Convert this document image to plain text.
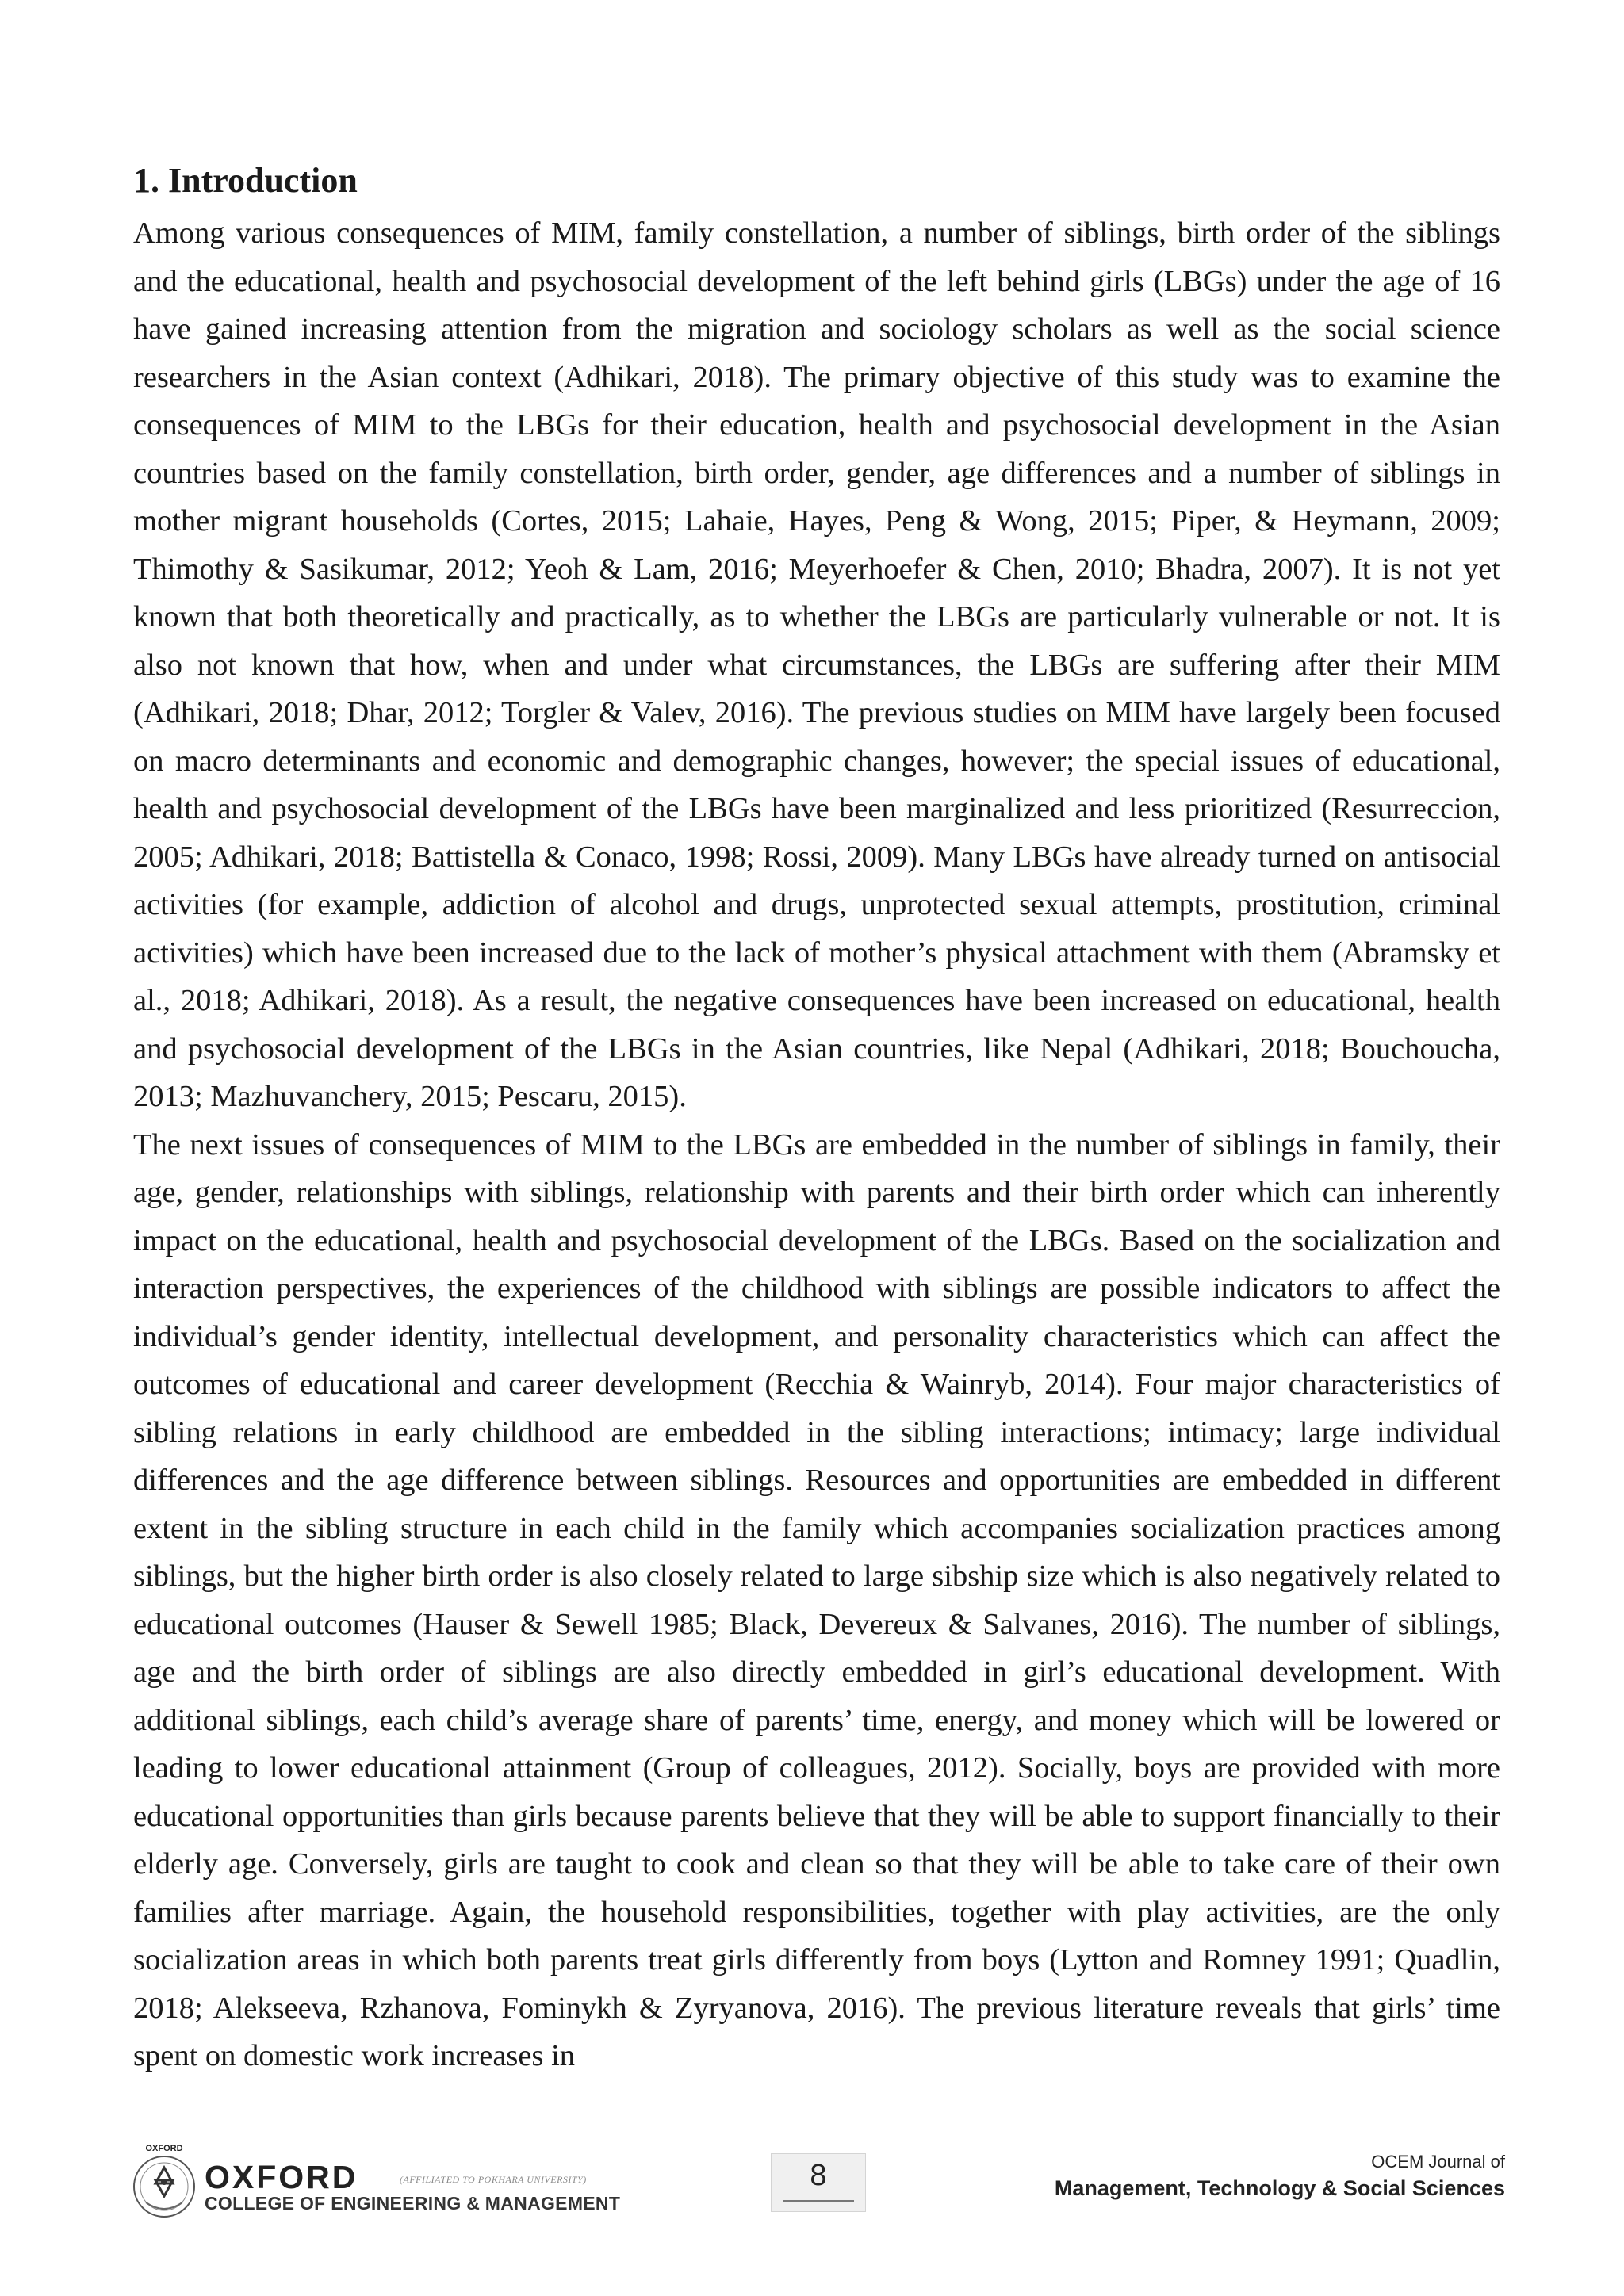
1. Introduction

Among various consequences of MIM, family constellation, a number of siblings, birth order of the siblings and the educational, health and psychosocial development of the left behind girls (LBGs) under the age of 16 have gained increasing attention from the migration and sociology scholars as well as the social science researchers in the Asian context (Adhikari, 2018). The primary objective of this study was to examine the consequences of MIM to the LBGs for their education, health and psychosocial development in the Asian countries based on the family constellation, birth order, gender, age differences and a number of siblings in mother migrant households (Cortes, 2015; Lahaie, Hayes, Peng & Wong, 2015; Piper, & Heymann, 2009; Thimothy & Sasikumar, 2012; Yeoh & Lam, 2016; Meyerhoefer & Chen, 2010; Bhadra, 2007). It is not yet known that both theoretically and practically, as to whether the LBGs are particularly vulnerable or not. It is also not known that how, when and under what circumstances, the LBGs are suffering after their MIM (Adhikari, 2018; Dhar, 2012; Torgler & Valev, 2016). The previous studies on MIM have largely been focused on macro determinants and economic and demographic changes, however; the special issues of educational, health and psychosocial development of the LBGs have been marginalized and less prioritized (Resurreccion, 2005; Adhikari, 2018; Battistella & Conaco, 1998; Rossi, 2009). Many LBGs have already turned on antisocial activities (for example, addiction of alcohol and drugs, unprotected sexual attempts, prostitution, criminal activities) which have been increased due to the lack of mother’s physical attachment with them (Abramsky et al., 2018; Adhikari, 2018). As a result, the negative consequences have been increased on educational, health and psychosocial development of the LBGs in the Asian countries, like Nepal (Adhikari, 2018; Bouchoucha, 2013; Mazhuvanchery, 2015; Pescaru, 2015).

The next issues of consequences of MIM to the LBGs are embedded in the number of siblings in family, their age, gender, relationships with siblings, relationship with parents and their birth order which can inherently impact on the educational, health and psychosocial development of the LBGs. Based on the socialization and interaction perspectives, the experiences of the childhood with siblings are possible indicators to affect the individual’s gender identity, intellectual development, and personality characteristics which can affect the outcomes of educational and career development (Recchia & Wainryb, 2014). Four major characteristics of sibling relations in early childhood are embedded in the sibling interactions; intimacy; large individual differences and the age difference between siblings. Resources and opportunities are embedded in different extent in the sibling structure in each child in the family which accompanies socialization practices among siblings, but the higher birth order is also closely related to large sibship size which is also negatively related to educational outcomes (Hauser & Sewell 1985; Black, Devereux & Salvanes, 2016). The number of siblings, age and the birth order of siblings are also directly embedded in girl’s educational development. With additional siblings, each child’s average share of parents’ time, energy, and money which will be lowered or leading to lower educational attainment (Group of colleagues, 2012). Socially, boys are provided with more educational opportunities than girls because parents believe that they will be able to support financially to their elderly age. Conversely, girls are taught to cook and clean so that they will be able to take care of their own families after marriage. Again, the household responsibilities, together with play activities, are the only socialization areas in which both parents treat girls differently from boys (Lytton and Romney 1991; Quadlin, 2018; Alekseeva, Rzhanova, Fominykh & Zyryanova, 2016). The previous literature reveals that girls’ time spent on domestic work increases in

OXFORD
OXFORD	(AFFILIATED TO POKHARA UNIVERSITY)
COLLEGE OF ENGINEERING & MANAGEMENT
8	OCEM Journal of
Management, Technology & Social Sciences
